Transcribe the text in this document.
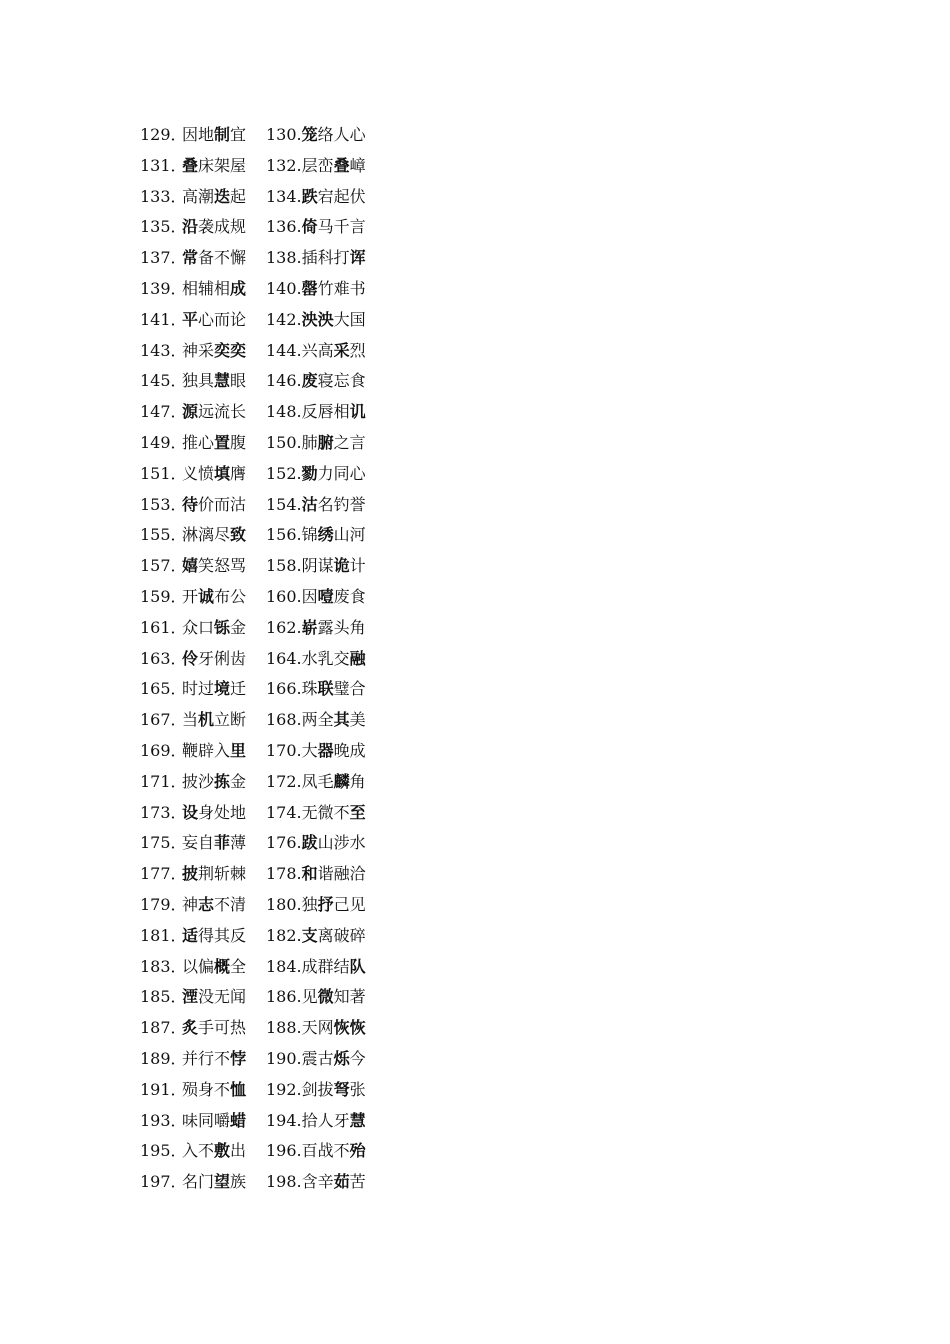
129．
因地制宜 130. 笼络人心
131．
叠床架屋 132. 层峦叠嶂
133．
高潮迭起 134. 跌宕起伏
135．
沿袭成规 136. 倚马千言
137．
常备不懈 138. 插科打诨
139．
相辅相成 140. 罄竹难书
141．
平心而论 142. 泱泱大国
143．
神采奕奕 144. 兴高采烈
145．
独具慧眼 146. 废寝忘食
147．
源远流长 148. 反唇相讥
149．
推心置腹 150. 肺腑之言
151．
义愤填膺 152. 勠力同心
153．
待价而沽 154. 沽名钓誉
155．
淋漓尽致 156. 锦绣山河
157．
嬉笑怒骂 158. 阴谋诡计
159．
开诚布公 160. 因噎废食
161．
众口铄金 162. 崭露头角
163．
伶牙俐齿 164. 水乳交融
165．
时过境迁 166. 珠联璧合
167．
当机立断 168. 两全其美
169．
鞭辟入里 170. 大器晚成
171．
披沙拣金 172. 凤毛麟角
173．
设身处地 174. 无微不至
175．
妄自菲薄 176. 跋山涉水
177．
披荆斩棘 178. 和谐融洽
179．
神志不清 180. 独抒己见
181．
适得其反 182. 支离破碎
183．
以偏概全 184. 成群结队
185．
湮没无闻 186. 见微知著
187．
炙手可热 188. 天网恢恢
189．
并行不悖 190. 震古烁今
191．
殒身不恤 192. 剑拔弩张
193．
味同嚼蜡 194. 拾人牙慧
195．
入不敷出 196. 百战不殆
197．
名门望族 198. 含辛茹苦
